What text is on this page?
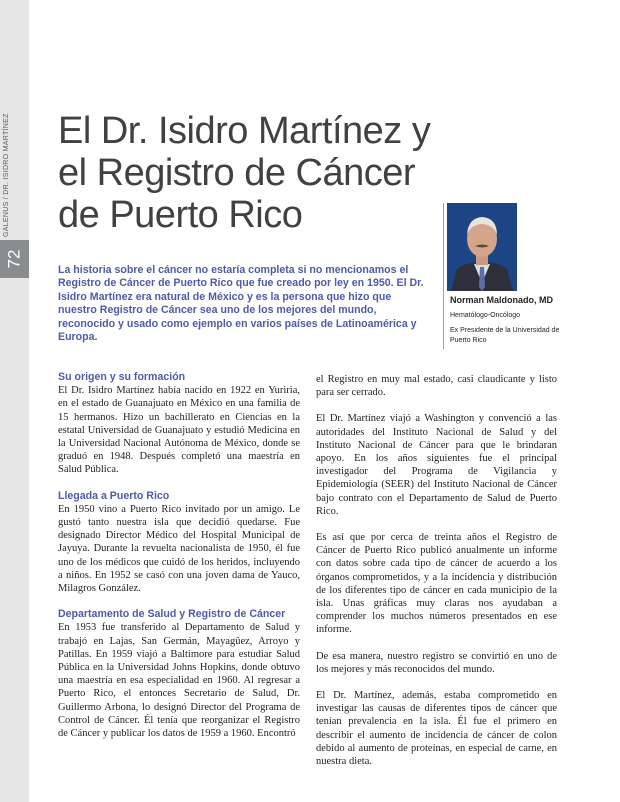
GALENUS / DR. ISIDRO MARTÍNEZ
72
El Dr. Isidro Martínez y el Registro de Cáncer de Puerto Rico

La historia sobre el cáncer no estaría completa si no mencionamos el Registro de Cáncer de Puerto Rico que fue creado por ley en 1950. El Dr. Isidro Martínez era natural de México y es la persona que hizo que nuestro Registro de Cáncer sea uno de los mejores del mundo, reconocido y usado como ejemplo en varios países de Latinoamérica y Europa.

Norman Maldonado, MD
Hematólogo-Oncólogo
Ex Presidente de la Universidad de Puerto Rico
Su origen y su formación

El Dr. Isidro Martínez había nacido en 1922 en Yuriria, en el estado de Guanajuato en México en una familia de 15 hermanos. Hizo un bachillerato en Ciencias en la estatal Universidad de Guanajuato y estudió Medicina en la Universidad Nacional Autónoma de México, donde se graduó en 1948. Después completó una maestría en Salud Pública.

Llegada a Puerto Rico

En 1950 vino a Puerto Rico invitado por un amigo. Le gustó tanto nuestra isla que decidió quedarse. Fue designado Director Médico del Hospital Municipal de Jayuya. Durante la revuelta nacionalista de 1950, él fue uno de los médicos que cuidó de los heridos, incluyendo a niños. En 1952 se casó con una joven dama de Yauco, Milagros González.

Departamento de Salud y Registro de Cáncer

En 1953 fue transferido al Departamento de Salud y trabajó en Lajas, San Germán, Mayagüez, Arroyo y Patillas. En 1959 viajó a Baltimore para estudiar Salud Pública en la Universidad Johns Hopkins, donde obtuvo una maestría en esa especialidad en 1960. Al regresar a Puerto Rico, el entonces Secretario de Salud, Dr. Guillermo Arbona, lo designó Director del Programa de Control de Cáncer. Él tenía que reorganizar el Registro de Cáncer y publicar los datos de 1959 a 1960. Encontró

el Registro en muy mal estado, casi claudicante y listo para ser cerrado.

El Dr. Martínez viajó a Washington y convenció a las autoridades del Instituto Nacional de Salud y del Instituto Nacional de Cáncer para que le brindaran apoyo. En los años siguientes fue el principal investigador del Programa de Vigilancia y Epidemiología (SEER) del Instituto Nacional de Cáncer bajo contrato con el Departamento de Salud de Puerto Rico.

Es así que por cerca de treinta años el Registro de Cáncer de Puerto Rico publicó anualmente un informe con datos sobre cada tipo de cáncer de acuerdo a los órganos comprometidos, y a la incidencia y distribución de los diferentes tipo de cáncer en cada municipio de la isla. Unas gráficas muy claras nos ayudaban a comprender los muchos números presentados en ese informe.

De esa manera, nuestro registro se convirtió en uno de los mejores y más reconocidos del mundo.

El Dr. Martínez, además, estaba comprometido en investigar las causas de diferentes tipos de cáncer que tenían prevalencia en la isla. Él fue el primero en describir el aumento de incidencia de cáncer de colon debido al aumento de proteínas, en especial de carne, en nuestra dieta.
